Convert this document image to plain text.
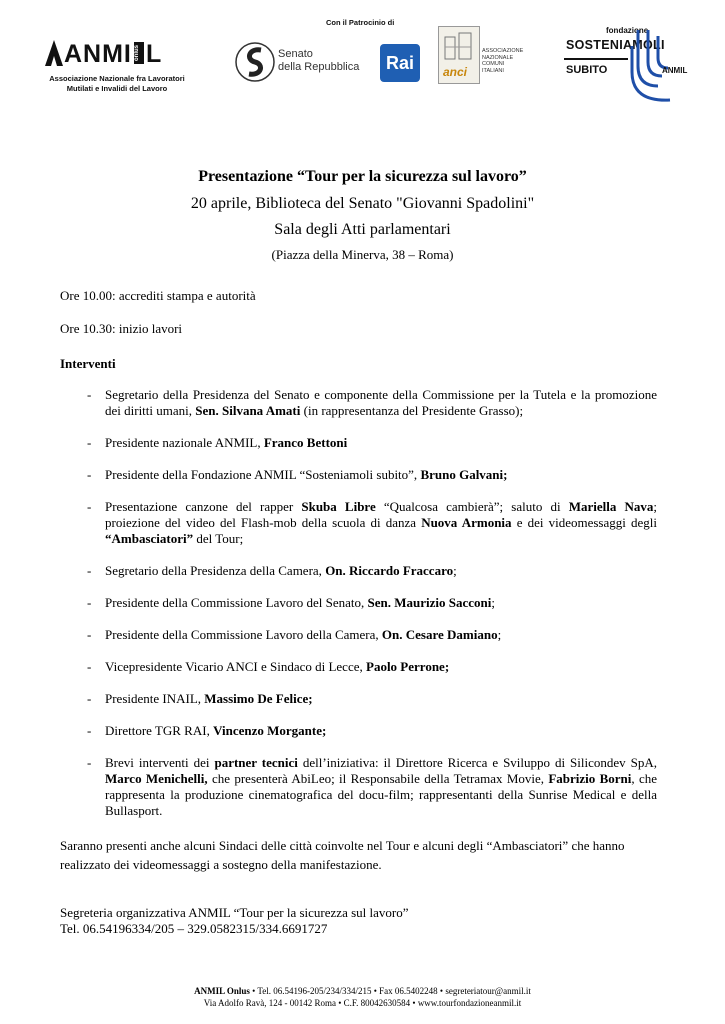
ANMI onlus L
Associazione Nazionale fra Lavoratori
Mutilati e Invalidi del Lavoro
Con il Patrocinio di
Senato
della Repubblica	Rai	anci
ASSOCIAZIONE
NAZIONALE
COMUNI
ITALIANI
fondazione
SOSTENIAMOLI
SUBITO	ANMIL
Presentazione “Tour per la sicurezza sul lavoro”
20 aprile, Biblioteca del Senato "Giovanni Spadolini"
Sala degli Atti parlamentari
(Piazza della Minerva, 38 – Roma)
Ore 10.00: accrediti stampa e autorità
Ore 10.30: inizio lavori
Interventi
- Segretario della Presidenza del Senato e componente della Commissione per la Tutela e la promozione dei diritti umani, Sen. Silvana Amati (in rappresentanza del Presidente Grasso);
- Presidente nazionale ANMIL, Franco Bettoni
- Presidente della Fondazione ANMIL “Sosteniamoli subito”, Bruno Galvani;
- Presentazione canzone del rapper Skuba Libre “Qualcosa cambierà”; saluto di Mariella Nava; proiezione del video del Flash-mob della scuola di danza Nuova Armonia e dei videomessaggi degli “Ambasciatori” del Tour;
- Segretario della Presidenza della Camera, On. Riccardo Fraccaro;
- Presidente della Commissione Lavoro del Senato, Sen. Maurizio Sacconi;
- Presidente della Commissione Lavoro della Camera, On. Cesare Damiano;
- Vicepresidente Vicario ANCI e Sindaco di Lecce, Paolo Perrone;
- Presidente INAIL, Massimo De Felice;
- Direttore TGR RAI, Vincenzo Morgante;
- Brevi interventi dei partner tecnici dell’iniziativa: il Direttore Ricerca e Sviluppo di Silicondev SpA, Marco Menichelli, che presenterà AbiLeo; il Responsabile della Tetramax Movie, Fabrizio Borni, che rappresenta la produzione cinematografica del docu-film; rappresentanti della Sunrise Medical e della Bullasport.
Saranno presenti anche alcuni Sindaci delle città coinvolte nel Tour e alcuni degli “Ambasciatori” che hanno realizzato dei videomessaggi a sostegno della manifestazione.
Segreteria organizzativa ANMIL “Tour per la sicurezza sul lavoro”
Tel. 06.54196334/205 – 329.0582315/334.6691727
ANMIL Onlus • Tel. 06.54196-205/234/334/215 • Fax 06.5402248 • segreteriatour@anmil.it
Via Adolfo Ravà, 124 - 00142 Roma • C.F. 80042630584 • www.tourfondazioneanmil.it
